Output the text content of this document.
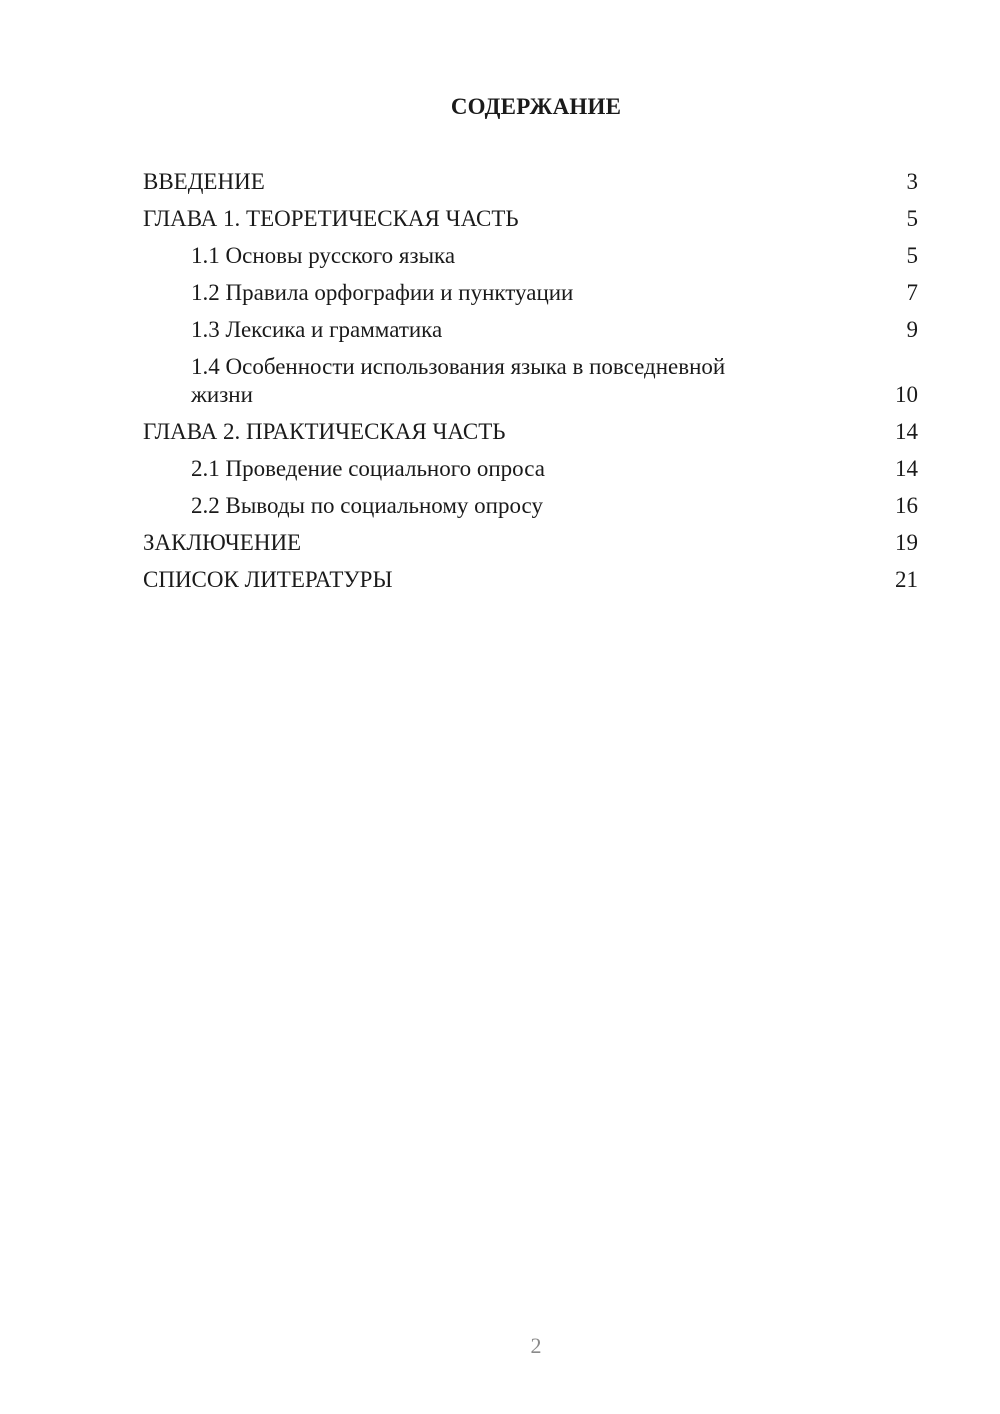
СОДЕРЖАНИЕ
ВВЕДЕНИЕ	3
ГЛАВА 1. ТЕОРЕТИЧЕСКАЯ ЧАСТЬ	5
1.1 Основы русского языка	5
1.2 Правила орфографии и пунктуации	7
1.3 Лексика и грамматика	9
1.4 Особенности использования языка в повседневной жизни	10
ГЛАВА 2. ПРАКТИЧЕСКАЯ ЧАСТЬ	14
2.1 Проведение социального опроса	14
2.2 Выводы по социальному опросу	16
ЗАКЛЮЧЕНИЕ	19
СПИСОК ЛИТЕРАТУРЫ	21
2
